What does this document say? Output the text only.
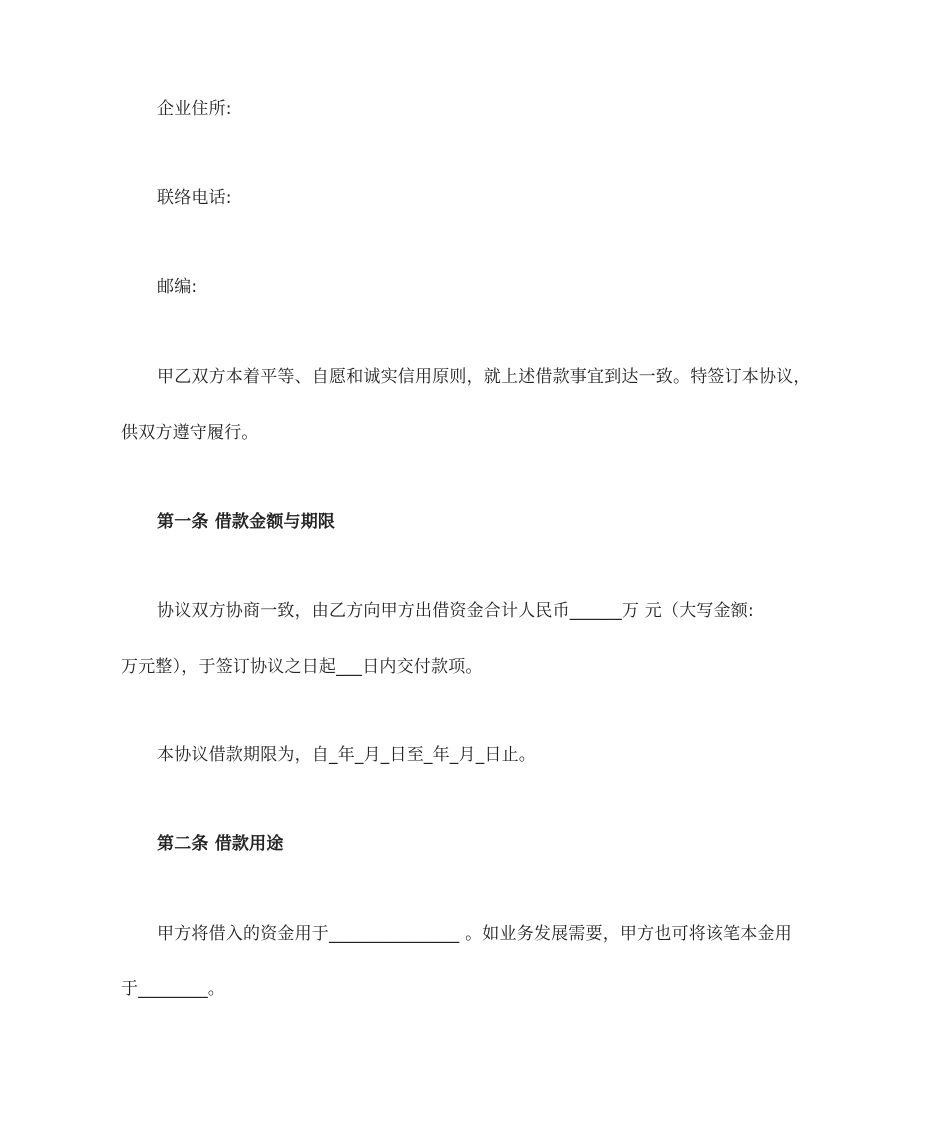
企业住所:
联络电话:
邮编:
甲乙双方本着平等、自愿和诚实信用原则，就上述借款事宜到达一致。特签订本协议，
供双方遵守履行。
第一条 借款金额与期限
协议双方协商一致，由乙方向甲方出借资金合计人民币______万 元（大写金额:
万元整），于签订协议之日起___日内交付款项。
本协议借款期限为，自_年_月_日至_年_月_日止。
第二条 借款用途
甲方将借入的资金用于_______________ 。如业务发展需要，甲方也可将该笔本金用
于________。
